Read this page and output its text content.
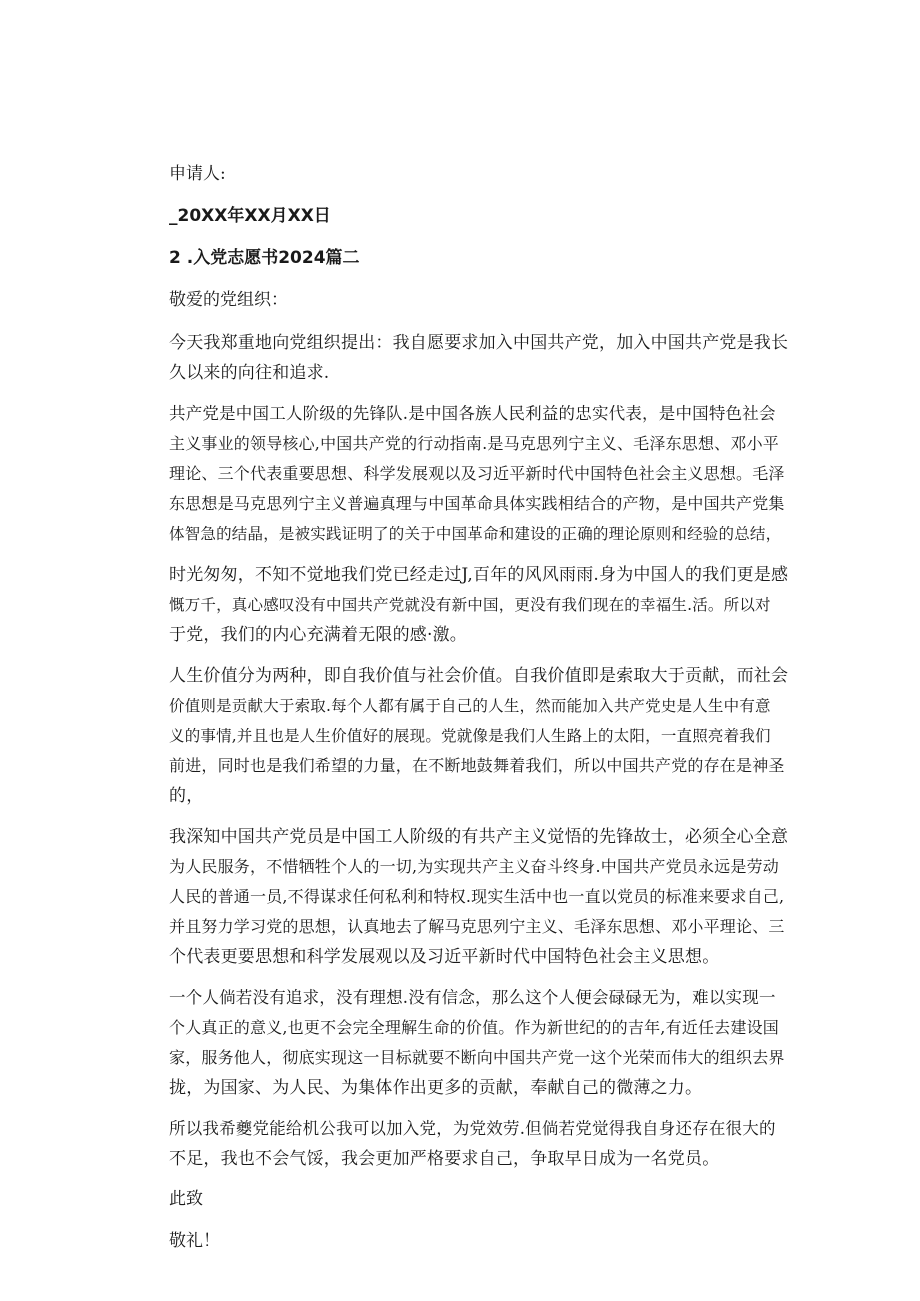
申请人:
_20XX年XX月XX日
2 .入党志愿书2024篇二
敬爱的党组织：
今天我郑重地向党组织提出：我自愿要求加入中国共产党，加入中国共产党是我长
久以来的向往和追求.
共产党是中国工人阶级的先锋队.是中国各族人民利益的忠实代表，是中国特色社会
主义事业的领导核心,中国共产党的行动指南.是马克思列宁主义、毛泽东思想、邓小平
理论、三个代表重要思想、科学发展观以及习近平新时代中国特色社会主义思想。毛泽
东思想是马克思列宁主义普遍真理与中国革命具体实践相结合的产物，是中国共产党集
体智急的结晶，是被实践证明了的关于中国革命和建设的正确的理论原则和经验的总结，
时光匆匆，不知不觉地我们党已经走过J,百年的风风雨雨.身为中国人的我们更是感
慨万千，真心感叹没有中国共产党就没有新中国，更没有我们现在的幸福生.活。所以对
于党，我们的内心充满着无限的感·激。
人生价值分为两种，即自我价值与社会价值。自我价值即是索取大于贡献，而社会
价值则是贡献大于索取.每个人都有属于自己的人生，然而能加入共产党史是人生中有意
义的事情,并且也是人生价值好的展现。党就像是我们人生路上的太阳，一直照亮着我们
前进，同时也是我们希望的力量，在不断地鼓舞着我们，所以中国共产党的存在是神圣
的，
我深知中国共产党员是中国工人阶级的有共产主义觉悟的先锋故士，必须全心全意
为人民服务，不惜牺牲个人的一切,为实现共产主义奋斗终身.中国共产党员永远是劳动
人民的普通一员,不得谋求任何私利和特权.现实生活中也一直以党员的标准来要求自己,
并且努力学习党的思想，认真地去了解马克思列宁主义、毛泽东思想、邓小平理论、三
个代表更要思想和科学发展观以及习近平新时代中国特色社会主义思想。
一个人倘若没有追求，没有理想.没有信念，那么这个人便会碌碌无为，难以实现一
个人真正的意义,也更不会完全理解生命的价值。作为新世纪的的吉年,有近任去建设国
家，服务他人，彻底实现这一目标就要不断向中国共产党一这个光荣而伟大的组织去界
拢，为国家、为人民、为集体作出更多的贡献，奉献自己的微薄之力。
所以我希夔党能给机公我可以加入党，为党效劳.但倘若党觉得我自身还存在很大的
不足，我也不会气馁，我会更加严格要求自己，争取早日成为一名党员。
此致
敬礼！
